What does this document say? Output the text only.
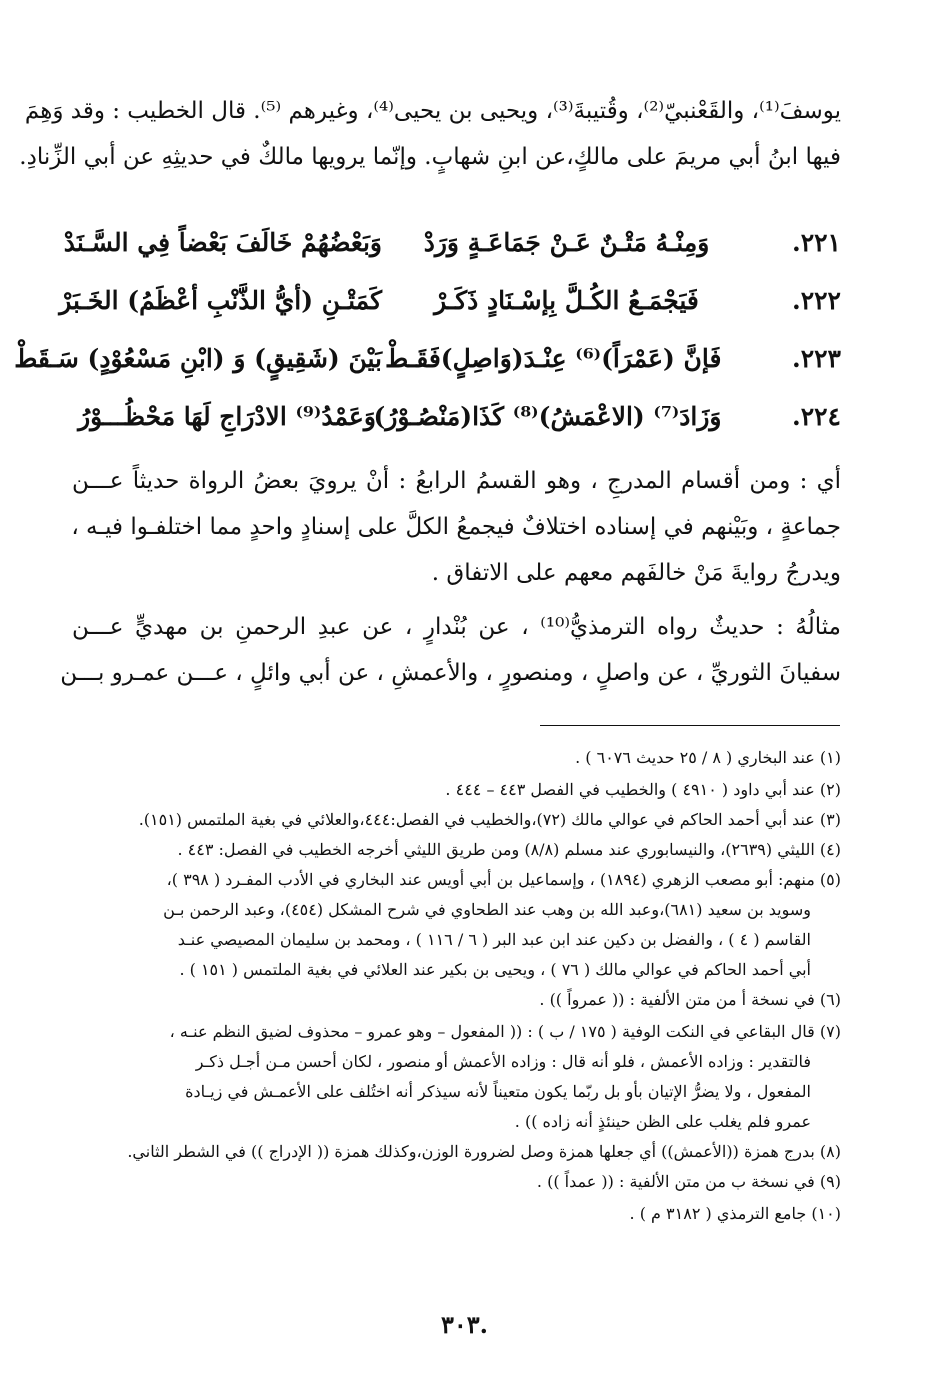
يوسفَ⁽¹⁾، والقَعْنبيّ⁽²⁾، وقُتيبةَ⁽³⁾، ويحيى بن يحيى⁽⁴⁾، وغيرهم ⁽⁵⁾. قال الخطيب : وقد وَهِمَ
فيها ابنُ أبي مريمَ على مالكٍ،عن ابنِ شهابٍ. وإنّما يرويها مالكٌ في حديثِهِ عن أبي الزِّنادِ.
٢٢١.
وَمِنْـهُ مَتْـنٌ عَـنْ جَمَاعَـةٍ وَرَدْ
وَبَعْضُهُمْ خَالَفَ بَعْضاً فِي السَّـنَدْ
٢٢٢.
فَيَجْمَـعُ الكُـلَّ بِإسْـنَادٍ ذَكَـرْ
كَمَتْـنِ (أيُّ الذَّنْبِ أعْظَمُ) الخَـبَرْ
٢٢٣.
فَإنَّ (عَمْرَاً)⁽⁶⁾ عِنْـدَ(وَاصِلٍ)فَقَـطْ
بَيْنَ (شَقِيقٍ) وَ (ابْنِ مَسْعُوْدٍ) سَـقَطْ
٢٢٤.
وَزَادَ⁽⁷⁾ (الاعْمَشُ)⁽⁸⁾ كَذَا(مَنْصُـوْرُ)
وَعَمْدُ⁽⁹⁾ الادْرَاجِ لَهَا مَحْظُـــوْرُ
أي : ومن أقسام المدرجِ ، وهو القسمُ الرابعُ : أنْ يرويَ بعضُ الرواة حديثاً عـــن
جماعةٍ ، وبَيْنهم في إسناده اختلافٌ فيجمعُ الكلَّ على إسنادٍ واحدٍ مما اختلفـوا فيـه ،
ويدرجُ روايةَ مَنْ خالفَهم معهم على الاتفاق .
مثالُهُ : حديثٌ رواه الترمذيُّ⁽¹⁰⁾ ، عن بُنْدارٍ ، عن عبدِ الرحمنِ بن مهديٍّ عـــن
سفيانَ الثوريِّ ، عن واصلٍ ، ومنصورٍ ، والأعمشِ ، عن أبي وائلٍ ، عـــن عمـرو بـــن
(١) عند البخاري ( ٨ / ٢٥ حديث ٦٠٧٦ ) .
(٢) عند أبي داود ( ٤٩١٠ ) والخطيب في الفصل ٤٤٣ – ٤٤٤ .
(٣) عند أبي أحمد الحاكم في عوالي مالك (٧٢)،والخطيب في الفصل:٤٤٤،والعلائي في بغية الملتمس (١٥١).
(٤) الليثي (٢٦٣٩)، والنيسابوري عند مسلم (٨/٨) ومن طريق الليثي أخرجه الخطيب في الفصل: ٤٤٣ .
(٥) منهم: أبو مصعب الزهري (١٨٩٤) ، وإسماعيل بن أبي أويس عند البخاري في الأدب المفـرد ( ٣٩٨ )،
وسويد بن سعيد (٦٨١)،وعبد الله بن وهب عند الطحاوي في شرح المشكل (٤٥٤)، وعبد الرحمن بـن
القاسم ( ٤ ) ، والفضل بن دكين عند ابن عبد البر ( ٦ / ١١٦ ) ، ومحمد بن سليمان المصيصي عنـد
أبي أحمد الحاكم في عوالي مالك ( ٧٦ ) ، ويحيى بن بكير عند العلائي في بغية الملتمس ( ١٥١ ) .
(٦) في نسخة أ من متن الألفية : (( عمرواً )) .
(٧) قال البقاعي في النكت الوفية ( ١٧٥ / ب ) : (( المفعول – وهو عمرو – محذوف لضيق النظم عنـه ،
فالتقدير : وزاده الأعمش ، فلو أنه قال : وزاده الأعمش أو منصور ، لكان أحسن مـن أجـل ذكـر
المفعول ، ولا يضرُّ الإتيان بأو بل ربّما يكون متعيناً لأنه سيذكر أنه اختُلف على الأعمـش في زيـادة
عمرو فلم يغلب على الظن حينئذٍ أنه زاده )) .
(٨) بدرج همزة ((الأعمش)) أي جعلها همزة وصل لضرورة الوزن،وكذلك همزة (( الإدراج )) في الشطر الثاني.
(٩) في نسخة ب من متن الألفية : (( عمداً )) .
(١٠) جامع الترمذي ( ٣١٨٢ م ) .
٣٠٣.
